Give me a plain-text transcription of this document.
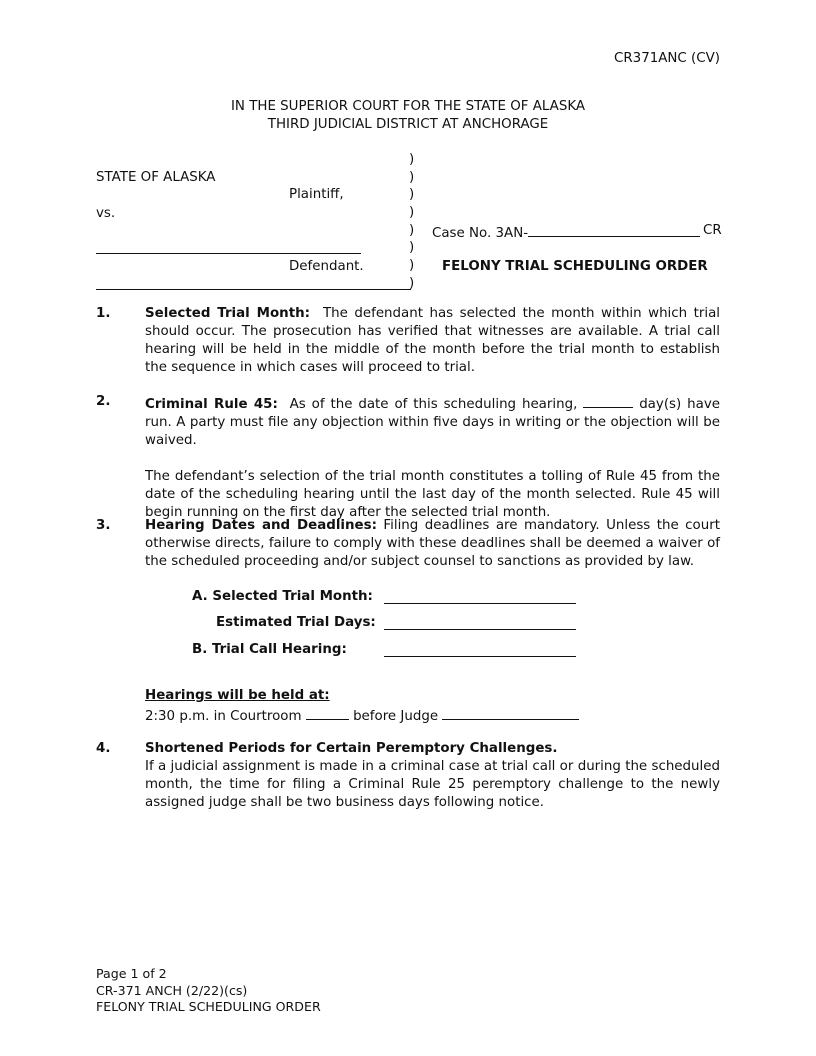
CR371ANC (CV)
IN THE SUPERIOR COURT FOR THE STATE OF ALASKA
THIRD JUDICIAL DISTRICT AT ANCHORAGE
STATE OF ALASKA
Plaintiff,
vs.
Defendant.
)
)
)
)
)
)
)
)
Case No. 3AN-	CR
FELONY TRIAL SCHEDULING ORDER
1.	Selected Trial Month: The defendant has selected the month within which trial should occur. The prosecution has verified that witnesses are available. A trial call hearing will be held in the middle of the month before the trial month to establish the sequence in which cases will proceed to trial.

2.	Criminal Rule 45: As of the date of this scheduling hearing,	day(s) have run. A party must file any objection within five days in writing or the objection will be waived.

The defendant’s selection of the trial month constitutes a tolling of Rule 45 from the date of the scheduling hearing until the last day of the month selected. Rule 45 will begin running on the first day after the selected trial month.

3.	Hearing Dates and Deadlines: Filing deadlines are mandatory. Unless the court otherwise directs, failure to comply with these deadlines shall be deemed a waiver of the scheduled proceeding and/or subject counsel to sanctions as provided by law.

A. Selected Trial Month:
Estimated Trial Days:
B. Trial Call Hearing:
Hearings will be held at:
2:30 p.m. in Courtroom	before Judge
4.	Shortened Periods for Certain Peremptory Challenges.

If a judicial assignment is made in a criminal case at trial call or during the scheduled month, the time for filing a Criminal Rule 25 peremptory challenge to the newly assigned judge shall be two business days following notice.

Page 1 of 2
CR-371 ANCH (2/22)(cs)
FELONY TRIAL SCHEDULING ORDER
